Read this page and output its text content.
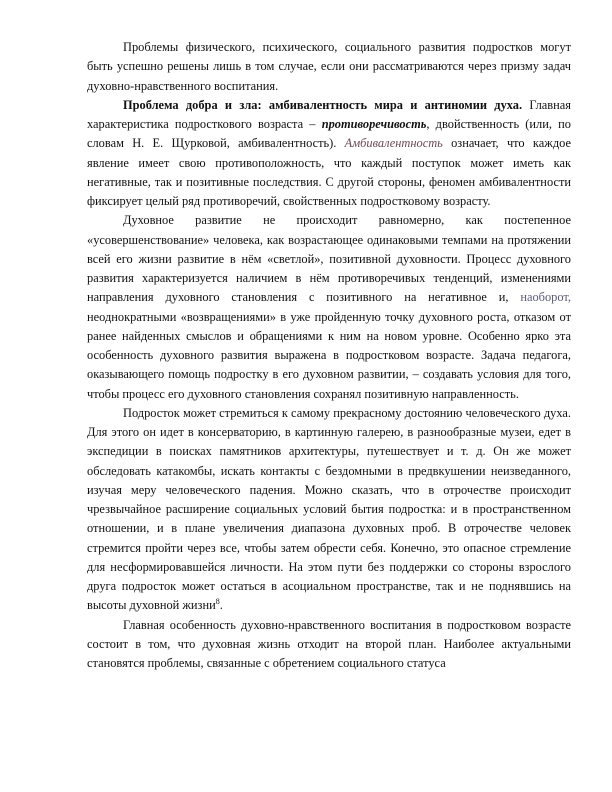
Проблемы физического, психического, социального развития подростков могут быть успешно решены лишь в том случае, если они рассматриваются через призму задач духовно-нравственного воспитания.

Проблема добра и зла: амбивалентность мира и антиномии духа. Главная характеристика подросткового возраста – противоречивость, двойственность (или, по словам Н. Е. Щурковой, амбивалентность). Амбивалентность означает, что каждое явление имеет свою противоположность, что каждый поступок может иметь как негативные, так и позитивные последствия. С другой стороны, феномен амбивалентности фиксирует целый ряд противоречий, свойственных подростковому возрасту.

Духовное развитие не происходит равномерно, как постепенное «усовершенствование» человека, как возрастающее одинаковыми темпами на протяжении всей его жизни развитие в нём «светлой», позитивной духовности. Процесс духовного развития характеризуется наличием в нём противоречивых тенденций, изменениями направления духовного становления с позитивного на негативное и, наоборот, неоднократными «возвращениями» в уже пройденную точку духовного роста, отказом от ранее найденных смыслов и обращениями к ним на новом уровне. Особенно ярко эта особенность духовного развития выражена в подростковом возрасте. Задача педагога, оказывающего помощь подростку в его духовном развитии, – создавать условия для того, чтобы процесс его духовного становления сохранял позитивную направленность.

Подросток может стремиться к самому прекрасному достоянию человеческого духа. Для этого он идет в консерваторию, в картинную галерею, в разнообразные музеи, едет в экспедиции в поисках памятников архитектуры, путешествует и т. д. Он же может обследовать катакомбы, искать контакты с бездомными в предвкушении неизведанного, изучая меру человеческого падения. Можно сказать, что в отрочестве происходит чрезвычайное расширение социальных условий бытия подростка: и в пространственном отношении, и в плане увеличения диапазона духовных проб. В отрочестве человек стремится пройти через все, чтобы затем обрести себя. Конечно, это опасное стремление для несформировавшейся личности. На этом пути без поддержки со стороны взрослого друга подросток может остаться в асоциальном пространстве, так и не поднявшись на высоты духовной жизни$^8$.

Главная особенность духовно-нравственного воспитания в подростковом возрасте состоит в том, что духовная жизнь отходит на второй план. Наиболее актуальными становятся проблемы, связанные с обретением социального статуса
